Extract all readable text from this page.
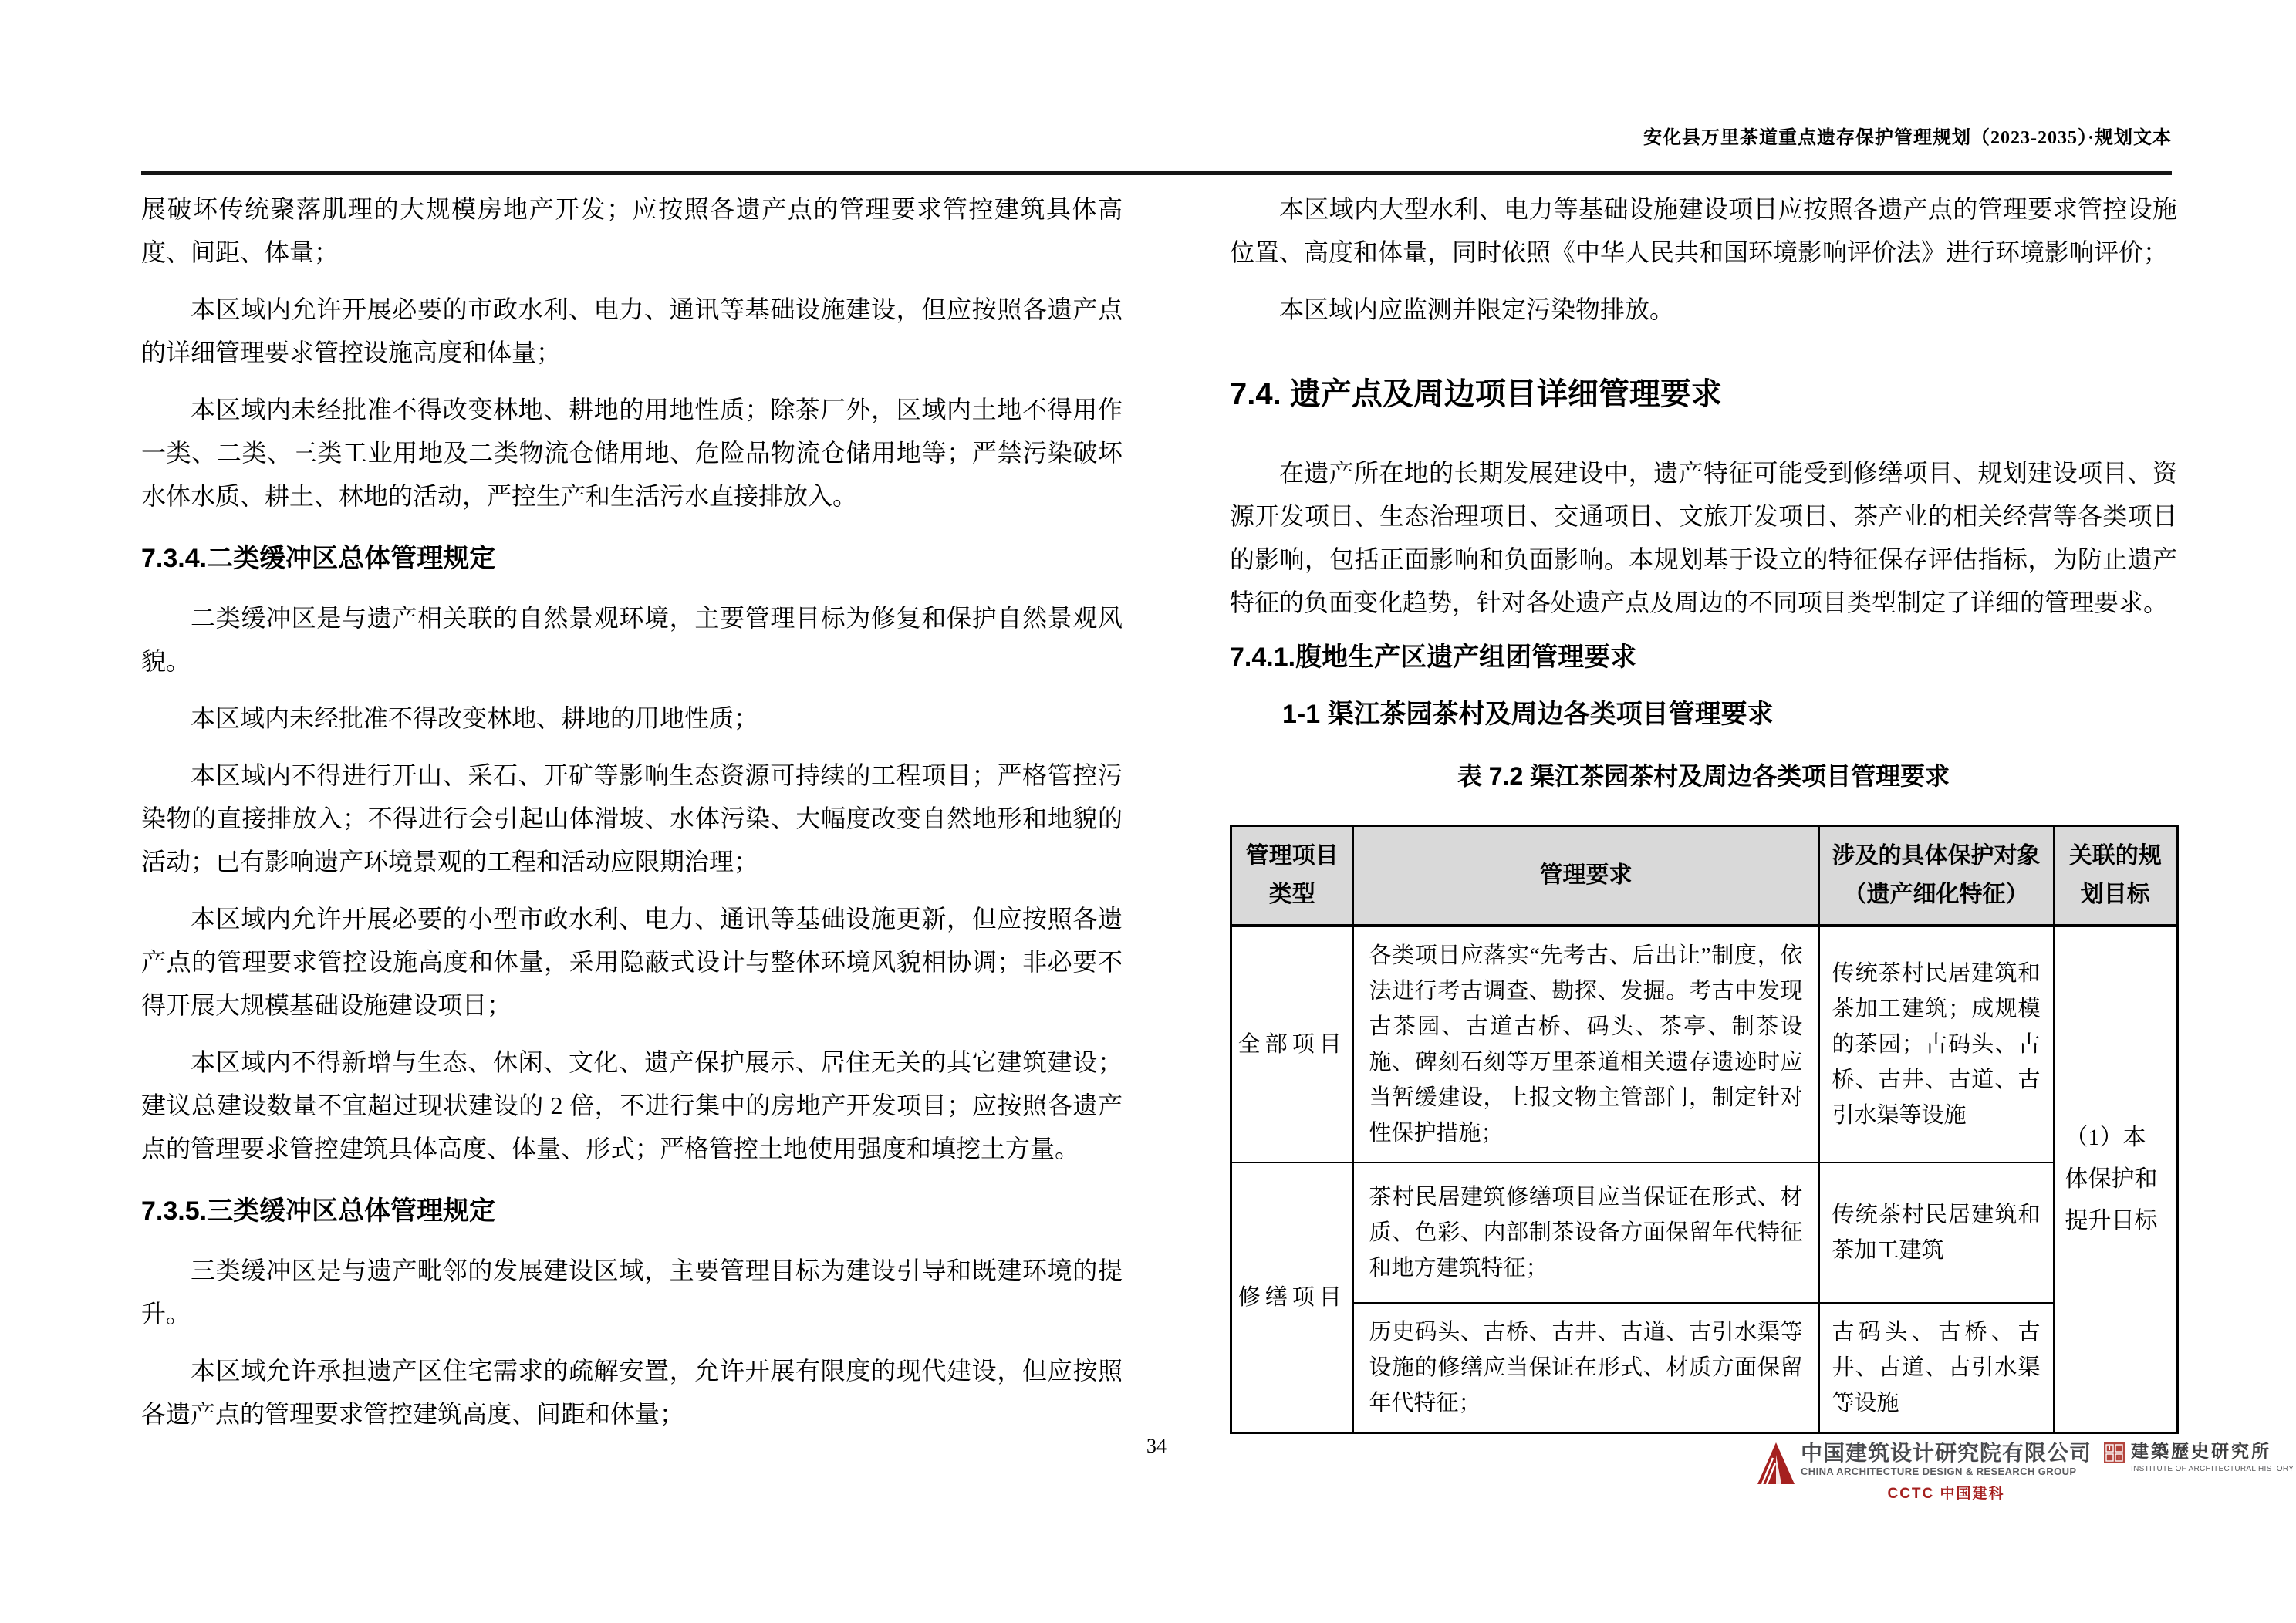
安化县万里茶道重点遗存保护管理规划（2023-2035）·规划文本

展破坏传统聚落肌理的大规模房地产开发；应按照各遗产点的管理要求管控建筑具体高度、间距、体量；

本区域内允许开展必要的市政水利、电力、通讯等基础设施建设，但应按照各遗产点的详细管理要求管控设施高度和体量；

本区域内未经批准不得改变林地、耕地的用地性质；除茶厂外，区域内土地不得用作一类、二类、三类工业用地及二类物流仓储用地、危险品物流仓储用地等；严禁污染破坏水体水质、耕土、林地的活动，严控生产和生活污水直接排放入。

7.3.4.二类缓冲区总体管理规定

二类缓冲区是与遗产相关联的自然景观环境，主要管理目标为修复和保护自然景观风貌。

本区域内未经批准不得改变林地、耕地的用地性质；

本区域内不得进行开山、采石、开矿等影响生态资源可持续的工程项目；严格管控污染物的直接排放入；不得进行会引起山体滑坡、水体污染、大幅度改变自然地形和地貌的活动；已有影响遗产环境景观的工程和活动应限期治理；

本区域内允许开展必要的小型市政水利、电力、通讯等基础设施更新，但应按照各遗产点的管理要求管控设施高度和体量，采用隐蔽式设计与整体环境风貌相协调；非必要不得开展大规模基础设施建设项目；

本区域内不得新增与生态、休闲、文化、遗产保护展示、居住无关的其它建筑建设；建议总建设数量不宜超过现状建设的 2 倍，不进行集中的房地产开发项目；应按照各遗产点的管理要求管控建筑具体高度、体量、形式；严格管控土地使用强度和填挖土方量。

7.3.5.三类缓冲区总体管理规定

三类缓冲区是与遗产毗邻的发展建设区域，主要管理目标为建设引导和既建环境的提升。

本区域允许承担遗产区住宅需求的疏解安置，允许开展有限度的现代建设，但应按照各遗产点的管理要求管控建筑高度、间距和体量；

本区域内大型水利、电力等基础设施建设项目应按照各遗产点的管理要求管控设施位置、高度和体量，同时依照《中华人民共和国环境影响评价法》进行环境影响评价；

本区域内应监测并限定污染物排放。

7.4. 遗产点及周边项目详细管理要求

在遗产所在地的长期发展建设中，遗产特征可能受到修缮项目、规划建设项目、资源开发项目、生态治理项目、交通项目、文旅开发项目、茶产业的相关经营等各类项目的影响，包括正面影响和负面影响。本规划基于设立的特征保存评估指标，为防止遗产特征的负面变化趋势，针对各处遗产点及周边的不同项目类型制定了详细的管理要求。

7.4.1.腹地生产区遗产组团管理要求
1-1 渠江茶园茶村及周边各类项目管理要求
表 7.2 渠江茶园茶村及周边各类项目管理要求
管理项目类型	管理要求	涉及的具体保护对象（遗产细化特征）	关联的规划目标
全部项目	各类项目应落实“先考古、后出让”制度，依法进行考古调查、勘探、发掘。考古中发现古茶园、古道古桥、码头、茶亭、制茶设施、碑刻石刻等万里茶道相关遗存遗迹时应当暂缓建设，上报文物主管部门，制定针对性保护措施；	传统茶村民居建筑和茶加工建筑；成规模的茶园；古码头、古桥、古井、古道、古引水渠等设施	（1）本体保护和提升目标
修缮项目	茶村民居建筑修缮项目应当保证在形式、材质、色彩、内部制茶设备方面保留年代特征和地方建筑特征；	传统茶村民居建筑和茶加工建筑	
	历史码头、古桥、古井、古道、古引水渠等设施的修缮应当保证在形式、材质方面保留年代特征；	古码头、古桥、古井、古道、古引水渠等设施	
34	中国建筑设计研究院有限公司
CHINA ARCHITECTURE DESIGN & RESEARCH GROUP
CCTC 中国建科
建築歷史研究所
INSTITUTE OF ARCHITECTURAL HISTORY
